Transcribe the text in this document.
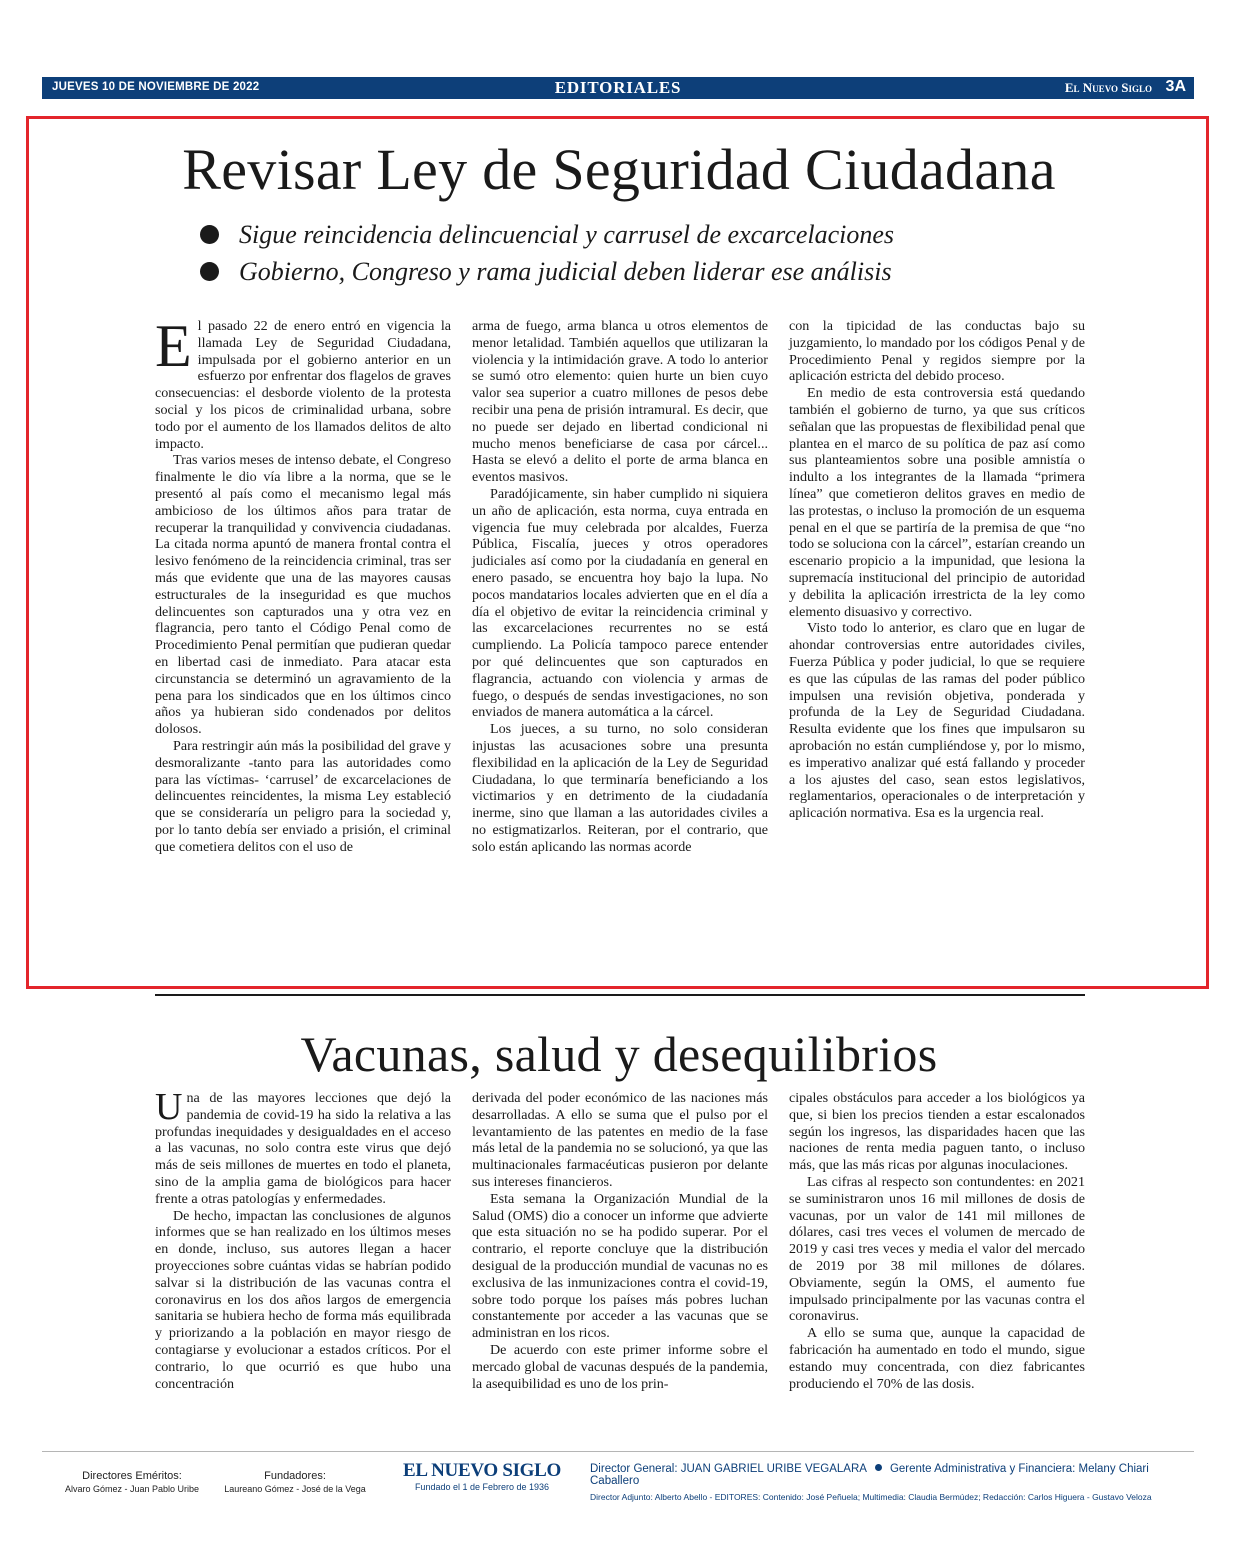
JUEVES 10 DE NOVIEMBRE DE 2022	EDITORIALES	El Nuevo Siglo 3A
Revisar Ley de Seguridad Ciudadana
Sigue reincidencia delincuencial y carrusel de excarcelaciones
Gobierno, Congreso y rama judicial deben liderar ese análisis

El pasado 22 de enero entró en vigencia la llamada Ley de Seguridad Ciudadana, impulsada por el gobierno anterior en un esfuerzo por enfrentar dos flagelos de graves consecuencias: el desborde violento de la protesta social y los picos de criminalidad urbana, sobre todo por el aumento de los llamados delitos de alto impacto.

Tras varios meses de intenso debate, el Congreso finalmente le dio vía libre a la norma, que se le presentó al país como el mecanismo legal más ambicioso de los últimos años para tratar de recuperar la tranquilidad y convivencia ciudadanas. La citada norma apuntó de manera frontal contra el lesivo fenómeno de la reincidencia criminal, tras ser más que evidente que una de las mayores causas estructurales de la inseguridad es que muchos delincuentes son capturados una y otra vez en flagrancia, pero tanto el Código Penal como de Procedimiento Penal permitían que pudieran quedar en libertad casi de inmediato. Para atacar esta circunstancia se determinó un agravamiento de la pena para los sindicados que en los últimos cinco años ya hubieran sido condenados por delitos dolosos.

Para restringir aún más la posibilidad del grave y desmoralizante -tanto para las autoridades como para las víctimas- ‘carrusel’ de excarcelaciones de delincuentes reincidentes, la misma Ley estableció que se consideraría un peligro para la sociedad y, por lo tanto debía ser enviado a prisión, el criminal que cometiera delitos con el uso de

arma de fuego, arma blanca u otros elementos de menor letalidad. También aquellos que utilizaran la violencia y la intimidación grave. A todo lo anterior se sumó otro elemento: quien hurte un bien cuyo valor sea superior a cuatro millones de pesos debe recibir una pena de prisión intramural. Es decir, que no puede ser dejado en libertad condicional ni mucho menos beneficiarse de casa por cárcel... Hasta se elevó a delito el porte de arma blanca en eventos masivos.

Paradójicamente, sin haber cumplido ni siquiera un año de aplicación, esta norma, cuya entrada en vigencia fue muy celebrada por alcaldes, Fuerza Pública, Fiscalía, jueces y otros operadores judiciales así como por la ciudadanía en general en enero pasado, se encuentra hoy bajo la lupa. No pocos mandatarios locales advierten que en el día a día el objetivo de evitar la reincidencia criminal y las excarcelaciones recurrentes no se está cumpliendo. La Policía tampoco parece entender por qué delincuentes que son capturados en flagrancia, actuando con violencia y armas de fuego, o después de sendas investigaciones, no son enviados de manera automática a la cárcel.

Los jueces, a su turno, no solo consideran injustas las acusaciones sobre una presunta flexibilidad en la aplicación de la Ley de Seguridad Ciudadana, lo que terminaría beneficiando a los victimarios y en detrimento de la ciudadanía inerme, sino que llaman a las autoridades civiles a no estigmatizarlos. Reiteran, por el contrario, que solo están aplicando las normas acorde

con la tipicidad de las conductas bajo su juzgamiento, lo mandado por los códigos Penal y de Procedimiento Penal y regidos siempre por la aplicación estricta del debido proceso.

En medio de esta controversia está quedando también el gobierno de turno, ya que sus críticos señalan que las propuestas de flexibilidad penal que plantea en el marco de su política de paz así como sus planteamientos sobre una posible amnistía o indulto a los integrantes de la llamada “primera línea” que cometieron delitos graves en medio de las protestas, o incluso la promoción de un esquema penal en el que se partiría de la premisa de que “no todo se soluciona con la cárcel”, estarían creando un escenario propicio a la impunidad, que lesiona la supremacía institucional del principio de autoridad y debilita la aplicación irrestricta de la ley como elemento disuasivo y correctivo.

Visto todo lo anterior, es claro que en lugar de ahondar controversias entre autoridades civiles, Fuerza Pública y poder judicial, lo que se requiere es que las cúpulas de las ramas del poder público impulsen una revisión objetiva, ponderada y profunda de la Ley de Seguridad Ciudadana. Resulta evidente que los fines que impulsaron su aprobación no están cumpliéndose y, por lo mismo, es imperativo analizar qué está fallando y proceder a los ajustes del caso, sean estos legislativos, reglamentarios, operacionales o de interpretación y aplicación normativa. Esa es la urgencia real.

Vacunas, salud y desequilibrios

Una de las mayores lecciones que dejó la pandemia de covid-19 ha sido la relativa a las profundas inequidades y desigualdades en el acceso a las vacunas, no solo contra este virus que dejó más de seis millones de muertes en todo el planeta, sino de la amplia gama de biológicos para hacer frente a otras patologías y enfermedades.

De hecho, impactan las conclusiones de algunos informes que se han realizado en los últimos meses en donde, incluso, sus autores llegan a hacer proyecciones sobre cuántas vidas se habrían podido salvar si la distribución de las vacunas contra el coronavirus en los dos años largos de emergencia sanitaria se hubiera hecho de forma más equilibrada y priorizando a la población en mayor riesgo de contagiarse y evolucionar a estados críticos. Por el contrario, lo que ocurrió es que hubo una concentración

derivada del poder económico de las naciones más desarrolladas. A ello se suma que el pulso por el levantamiento de las patentes en medio de la fase más letal de la pandemia no se solucionó, ya que las multinacionales farmacéuticas pusieron por delante sus intereses financieros.

Esta semana la Organización Mundial de la Salud (OMS) dio a conocer un informe que advierte que esta situación no se ha podido superar. Por el contrario, el reporte concluye que la distribución desigual de la producción mundial de vacunas no es exclusiva de las inmunizaciones contra el covid-19, sobre todo porque los países más pobres luchan constantemente por acceder a las vacunas que se administran en los ricos.

De acuerdo con este primer informe sobre el mercado global de vacunas después de la pandemia, la asequibilidad es uno de los prin-

cipales obstáculos para acceder a los biológicos ya que, si bien los precios tienden a estar escalonados según los ingresos, las disparidades hacen que las naciones de renta media paguen tanto, o incluso más, que las más ricas por algunas inoculaciones.

Las cifras al respecto son contundentes: en 2021 se suministraron unos 16 mil millones de dosis de vacunas, por un valor de 141 mil millones de dólares, casi tres veces el volumen de mercado de 2019 y casi tres veces y media el valor del mercado de 2019 por 38 mil millones de dólares. Obviamente, según la OMS, el aumento fue impulsado principalmente por las vacunas contra el coronavirus.

A ello se suma que, aunque la capacidad de fabricación ha aumentado en todo el mundo, sigue estando muy concentrada, con diez fabricantes produciendo el 70% de las dosis.

Directores Eméritos:
Alvaro Gómez - Juan Pablo Uribe
Fundadores:
Laureano Gómez - José de la Vega
EL NUEVO SIGLO
Fundado el 1 de Febrero de 1936
Director General: JUAN GABRIEL URIBE VEGALARA Gerente Administrativa y Financiera: Melany Chiari Caballero
Director Adjunto: Alberto Abello - EDITORES: Contenido: José Peñuela; Multimedia: Claudia Bermúdez; Redacción: Carlos Higuera - Gustavo Veloza
